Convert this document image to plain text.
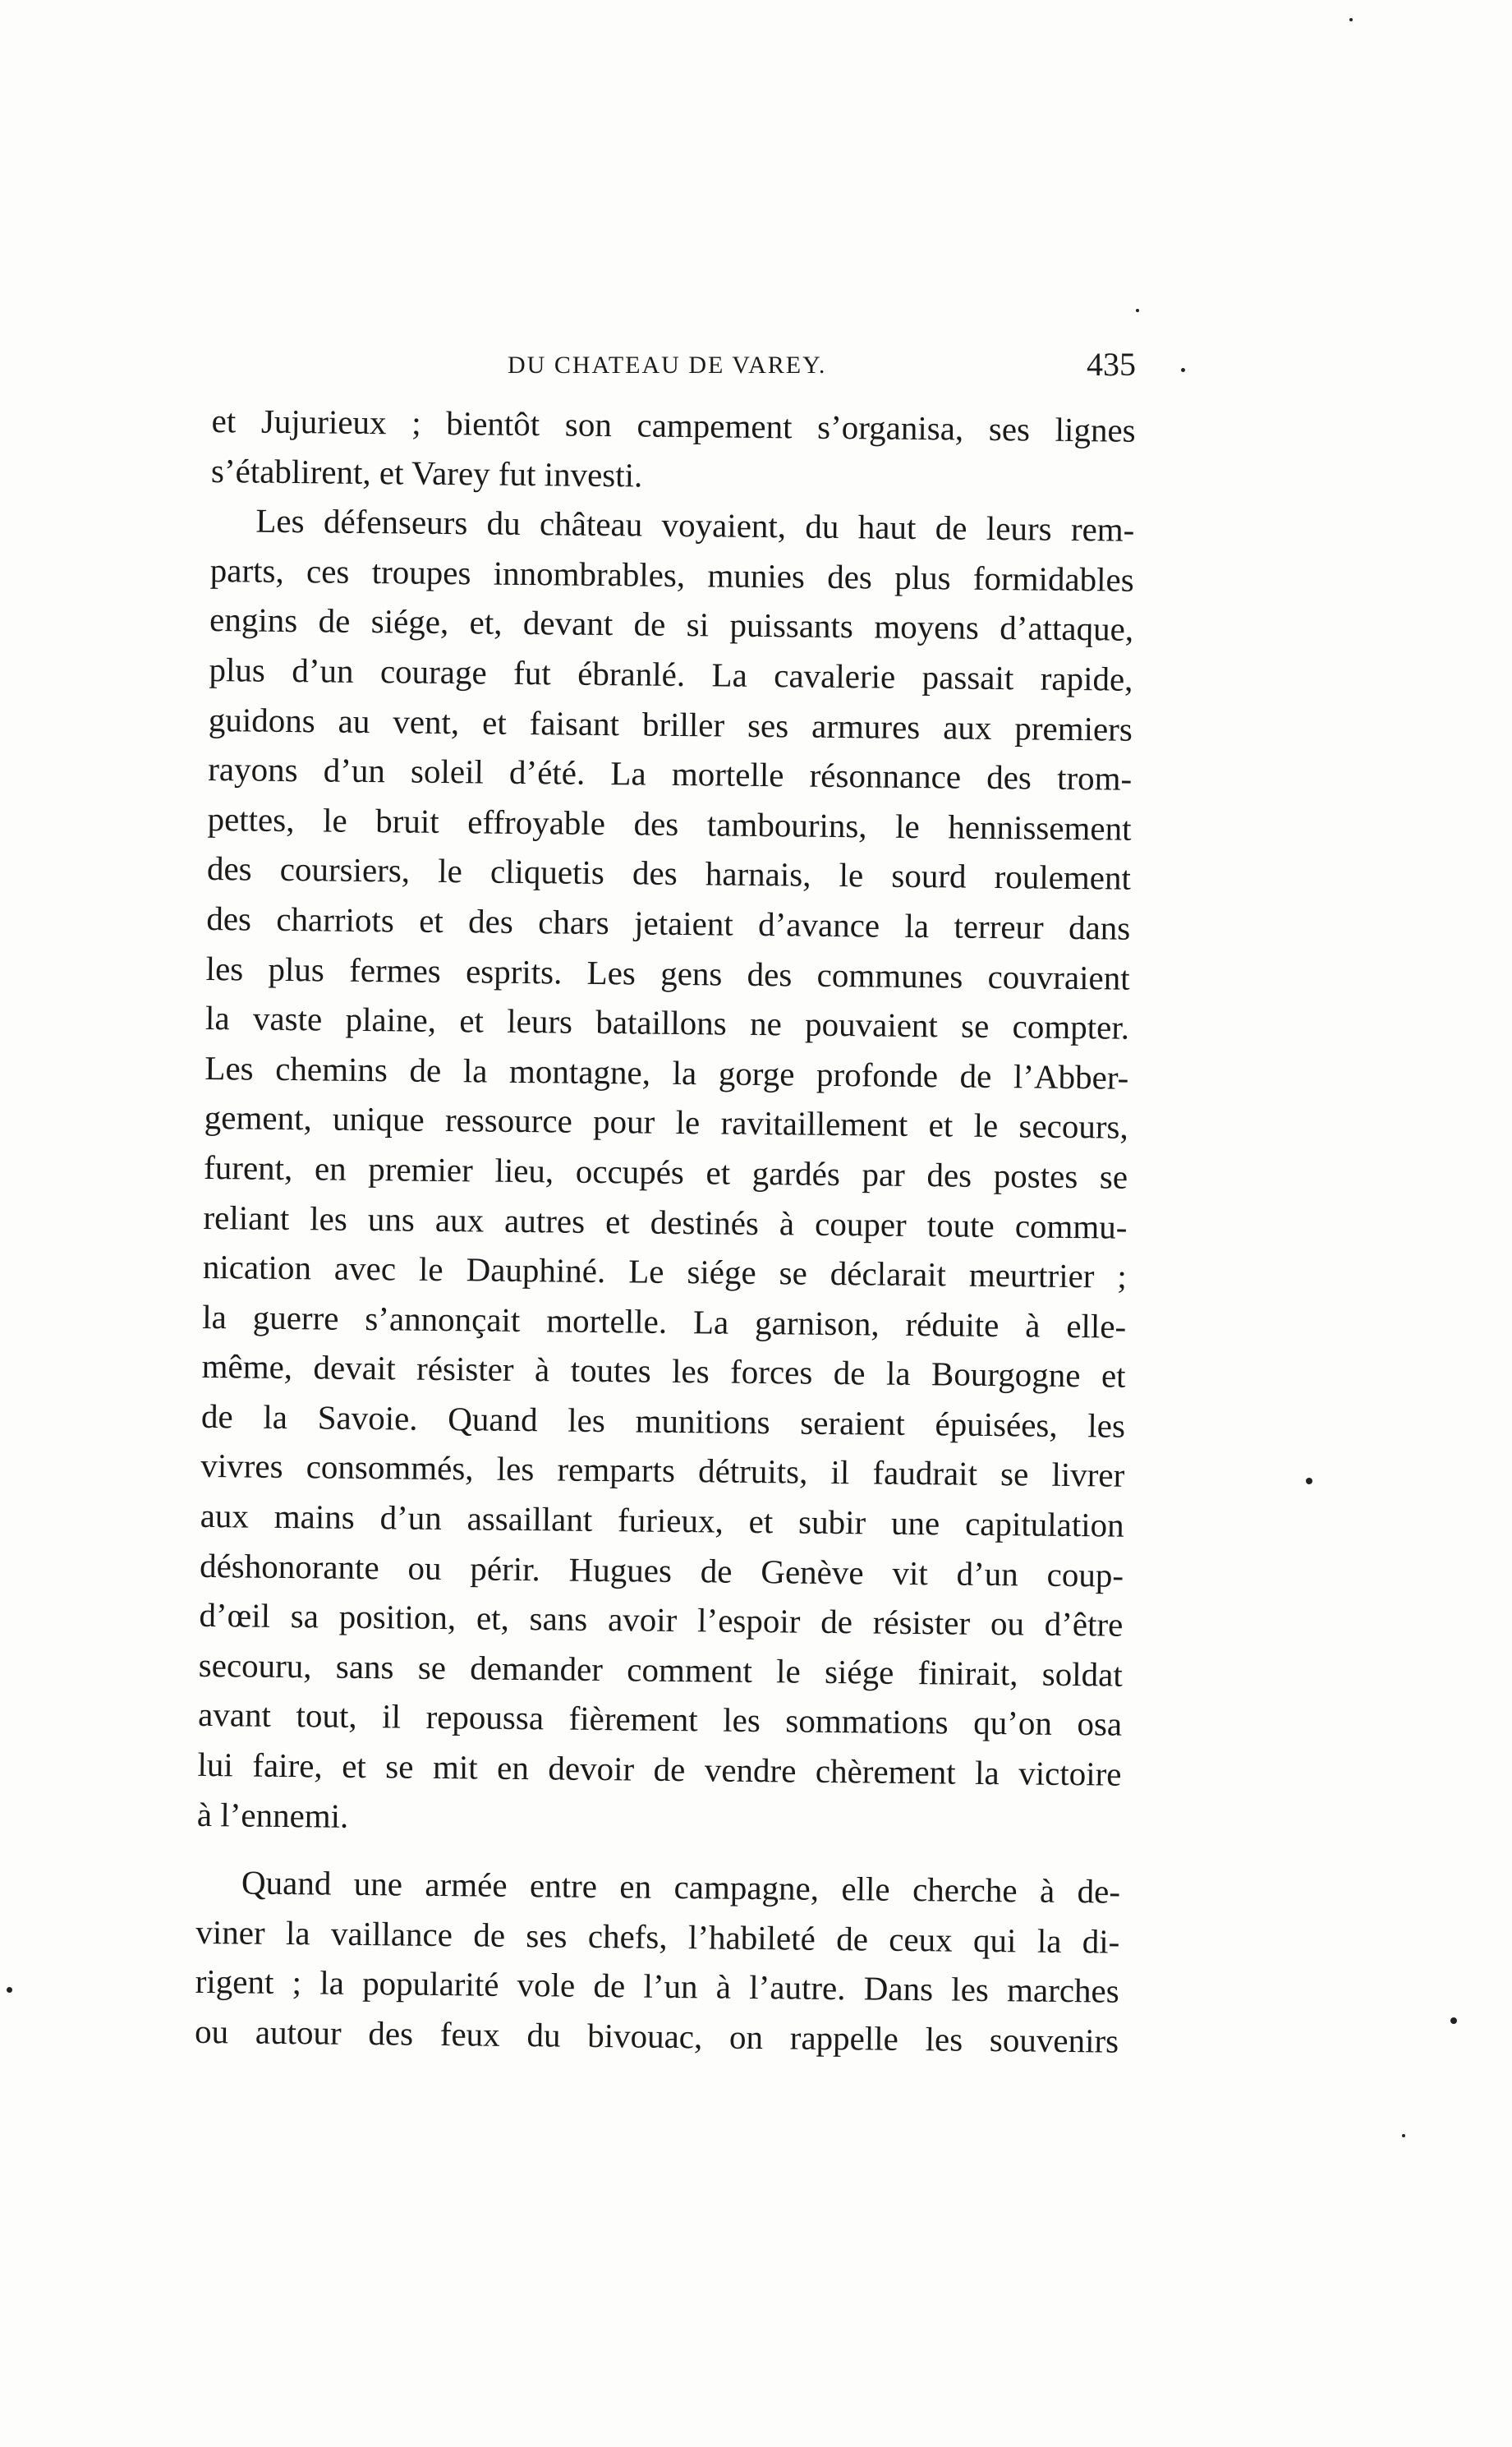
DU CHATEAU DE VAREY.	435
et Jujurieux ; bientôt son campement s’organisa, ses lignes
s’établirent, et Varey fut investi.
Les défenseurs du château voyaient, du haut de leurs rem-
parts, ces troupes innombrables, munies des plus formidables
engins de siége, et, devant de si puissants moyens d’attaque,
plus d’un courage fut ébranlé. La cavalerie passait rapide,
guidons au vent, et faisant briller ses armures aux premiers
rayons d’un soleil d’été. La mortelle résonnance des trom-
pettes, le bruit effroyable des tambourins, le hennissement
des coursiers, le cliquetis des harnais, le sourd roulement
des charriots et des chars jetaient d’avance la terreur dans
les plus fermes esprits. Les gens des communes couvraient
la vaste plaine, et leurs bataillons ne pouvaient se compter.
Les chemins de la montagne, la gorge profonde de l’Abber-
gement, unique ressource pour le ravitaillement et le secours,
furent, en premier lieu, occupés et gardés par des postes se
reliant les uns aux autres et destinés à couper toute commu-
nication avec le Dauphiné. Le siége se déclarait meurtrier ;
la guerre s’annonçait mortelle. La garnison, réduite à elle-
même, devait résister à toutes les forces de la Bourgogne et
de la Savoie. Quand les munitions seraient épuisées, les
vivres consommés, les remparts détruits, il faudrait se livrer
aux mains d’un assaillant furieux, et subir une capitulation
déshonorante ou périr. Hugues de Genève vit d’un coup-
d’œil sa position, et, sans avoir l’espoir de résister ou d’être
secouru, sans se demander comment le siége finirait, soldat
avant tout, il repoussa fièrement les sommations qu’on osa
lui faire, et se mit en devoir de vendre chèrement la victoire
à l’ennemi.
Quand une armée entre en campagne, elle cherche à de-
viner la vaillance de ses chefs, l’habileté de ceux qui la di-
rigent ; la popularité vole de l’un à l’autre. Dans les marches
ou autour des feux du bivouac, on rappelle les souvenirs
